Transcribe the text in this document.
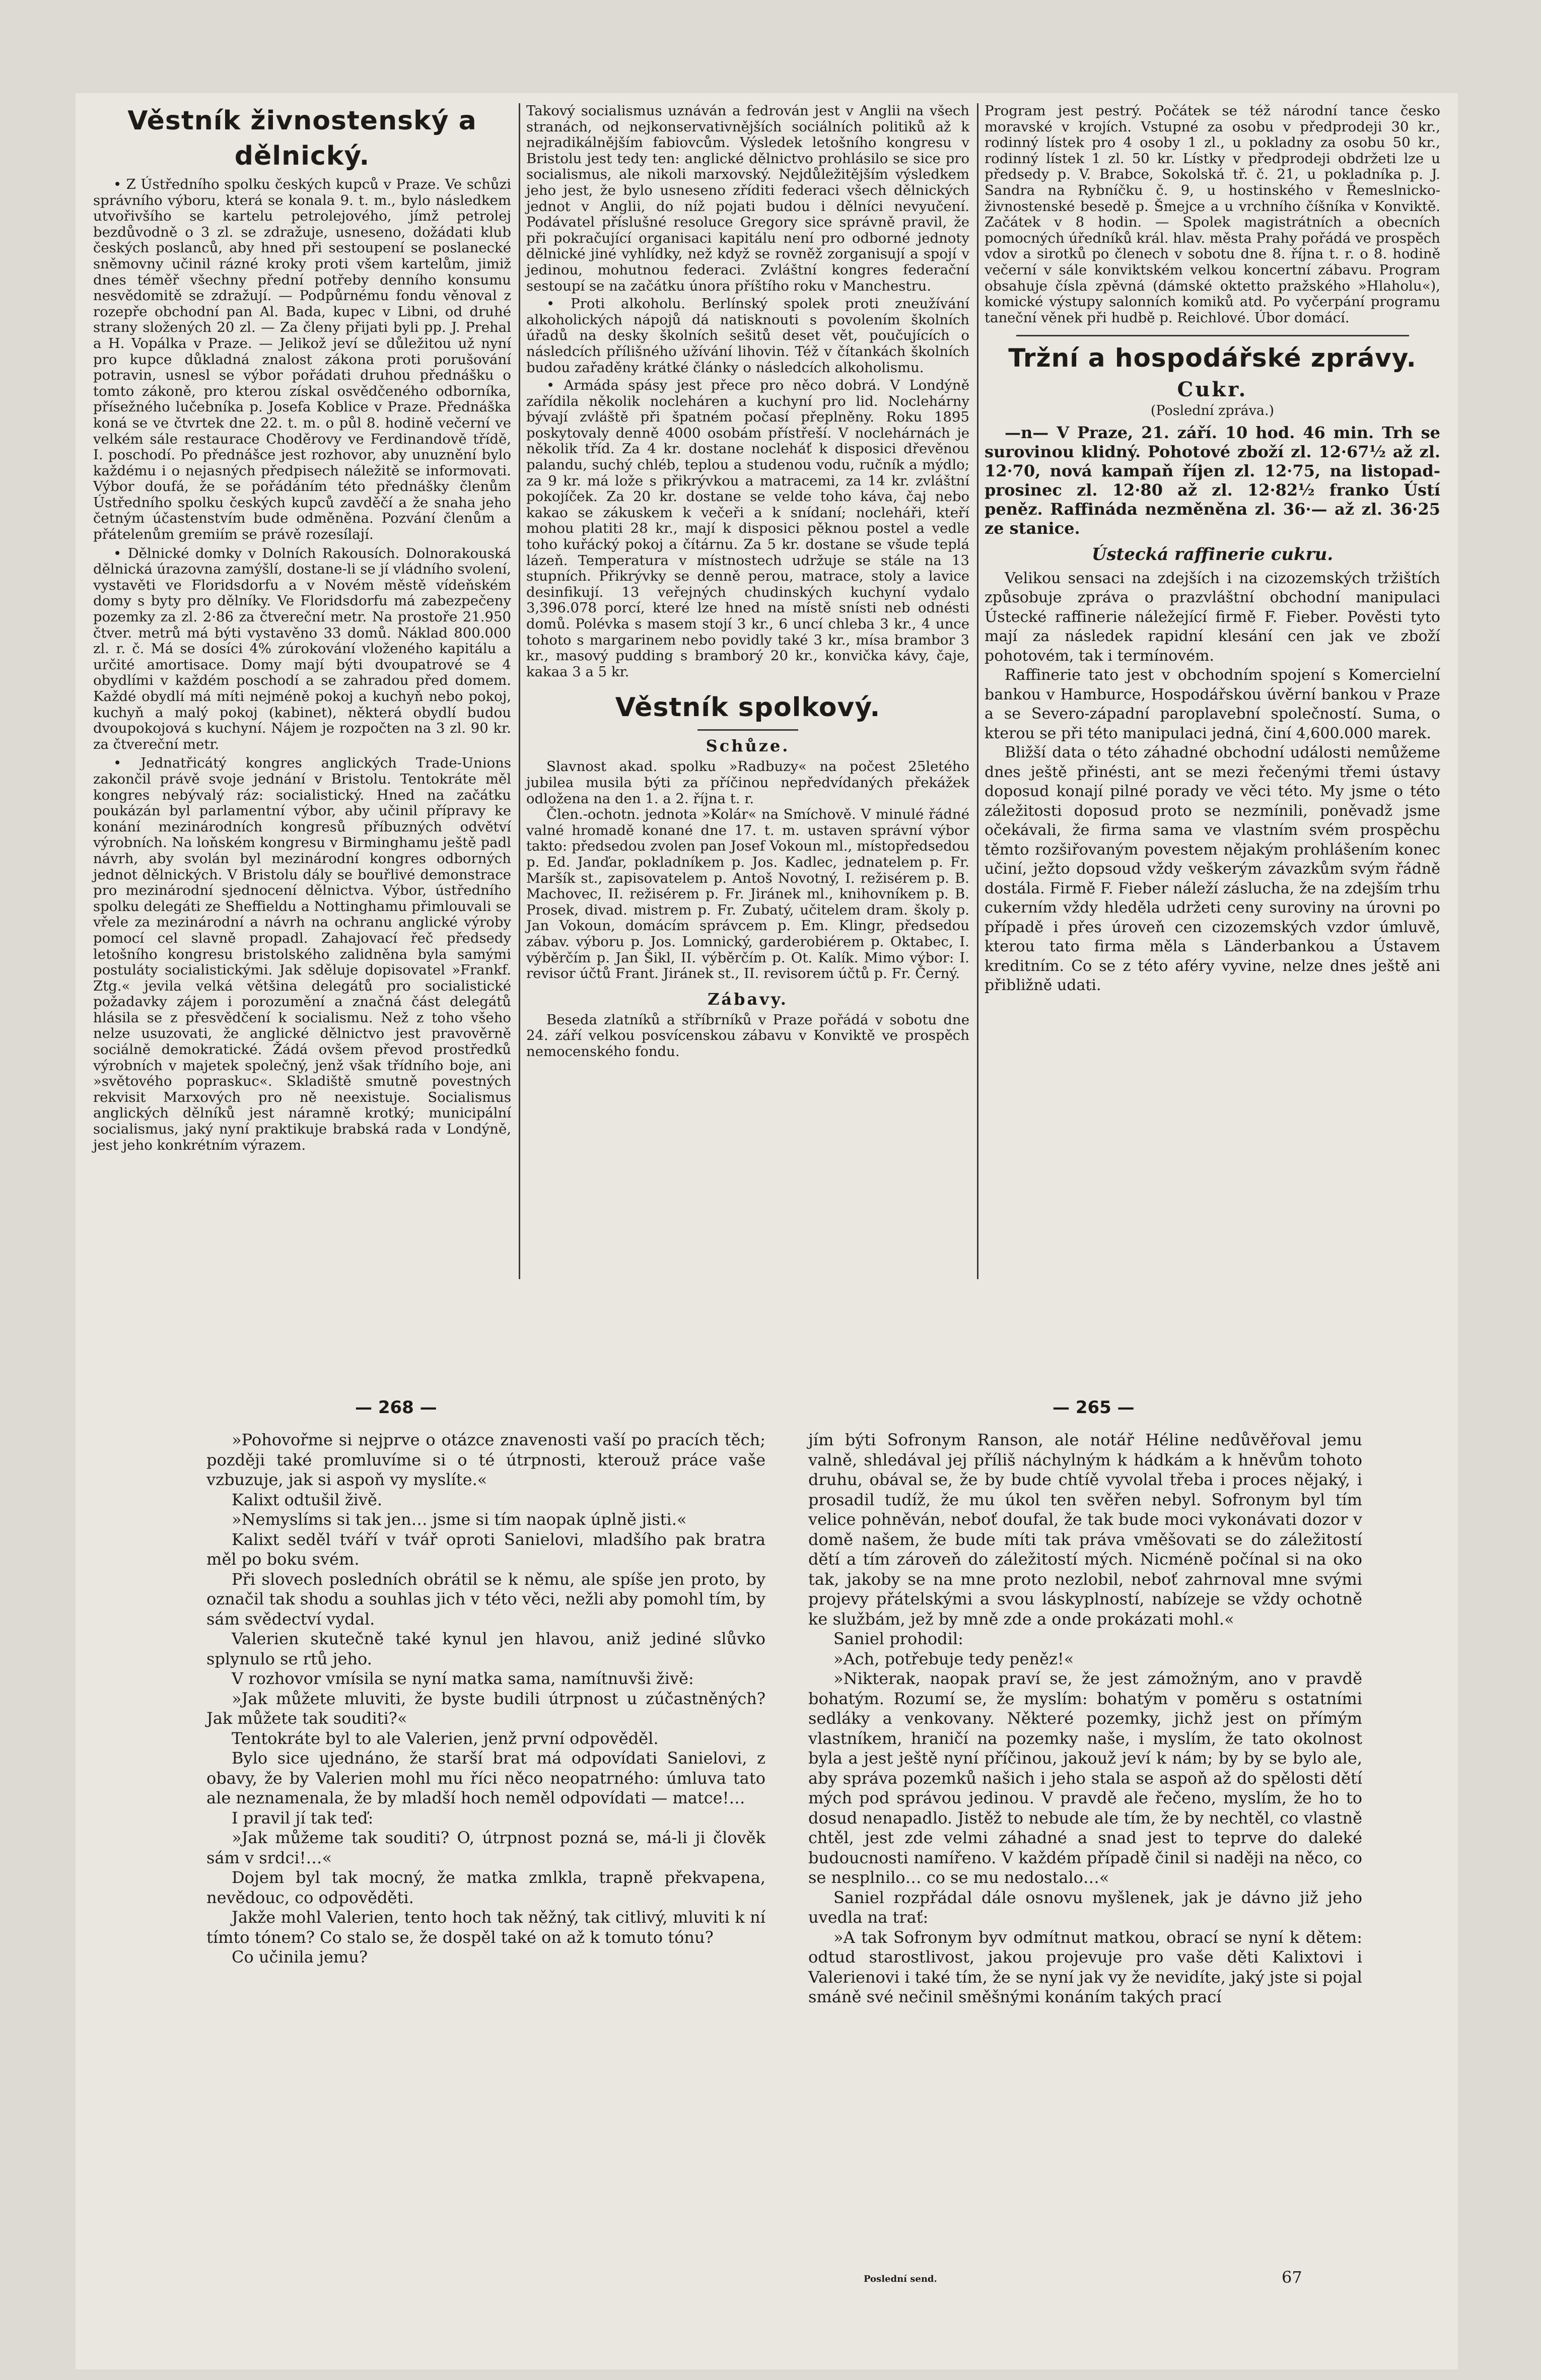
Věstník živnostenský a dělnický.

• Z Ústředního spolku českých kupců v Praze. Ve schůzi správního výboru, která se konala 9. t. m., bylo následkem utvořivšího se kartelu petrolejového, jímž petrolej bezdůvodně o 3 zl. se zdražuje, usneseno, dožádati klub českých poslanců, aby hned při sestoupení se poslanecké sněmovny učinil rázné kroky proti všem kartelům, jimiž dnes téměř všechny přední potřeby denního konsumu nesvědomitě se zdražují. — Podpůrnému fondu věnoval z rozepře obchodní pan Al. Bada, kupec v Libni, od druhé strany složených 20 zl. — Za členy přijati byli pp. J. Prehal a H. Vopálka v Praze. — Jelikož jeví se důležitou už nyní pro kupce důkladná znalost zákona proti porušování potravin, usnesl se výbor pořádati druhou přednášku o tomto zákoně, pro kterou získal osvědčeného odborníka, přísežného lučebníka p. Josefa Koblice v Praze. Přednáška koná se ve čtvrtek dne 22. t. m. o půl 8. hodině večerní ve velkém sále restaurace Choděrovy ve Ferdinandově třídě, I. poschodí. Po přednášce jest rozhovor, aby unuznění bylo každému i o nejasných předpisech náležitě se informovati. Výbor doufá, že se pořádáním této přednášky členům Ústředního spolku českých kupců zavděčí a že snaha jeho četným účastenstvím bude odměněna. Pozvání členům a přátelenům gremiím se právě rozesílají.

• Dělnické domky v Dolních Rakousích. Dolnorakouská dělnická úrazovna zamýšlí, dostane-li se jí vládního svolení, vystavěti ve Floridsdorfu a v Novém městě vídeňském domy s byty pro dělníky. Ve Floridsdorfu má zabezpečeny pozemky za zl. 2·86 za čtvereční metr. Na prostoře 21.950 čtver. metrů má býti vystavěno 33 domů. Náklad 800.000 zl. r. č. Má se dosíci 4% zúrokování vloženého kapitálu a určité amortisace. Domy mají býti dvoupatrové se 4 obydlími v každém poschodí a se zahradou před domem. Každé obydlí má míti nejméně pokoj a kuchyň nebo pokoj, kuchyň a malý pokoj (kabinet), některá obydlí budou dvoupokojová s kuchyní. Nájem je rozpočten na 3 zl. 90 kr. za čtvereční metr.

• Jednatřicátý kongres anglických Trade-Unions zakončil právě svoje jednání v Bristolu. Tentokráte měl kongres nebývalý ráz: socialistický. Hned na začátku poukázán byl parlamentní výbor, aby učinil přípravy ke konání mezinárodních kongresů příbuzných odvětví výrobních. Na loňském kongresu v Birminghamu ještě padl návrh, aby svolán byl mezinárodní kongres odborných jednot dělnických. V Bristolu dály se bouřlivé demonstrace pro mezinárodní sjednocení dělnictva. Výbor, ústředního spolku delegáti ze Sheffieldu a Nottinghamu přimlouvali se vřele za mezinárodní a návrh na ochranu anglické výroby pomocí cel slavně propadl. Zahajovací řeč předsedy letošního kongresu bristolského zalidněna byla samými postuláty socialistickými. Jak sděluje dopisovatel »Frankf. Ztg.« jevila velká většina delegátů pro socialistické požadavky zájem i porozumění a značná část delegátů hlásila se z přesvědčení k socialismu. Než z toho všeho nelze usuzovati, že anglické dělnictvo jest pravověrně sociálně demokratické. Žádá ovšem převod prostředků výrobních v majetek společný, jenž však třídního boje, ani »světového popraskuc«. Skladiště smutně povestných rekvisit Marxových pro ně neexistuje. Socialismus anglických dělníků jest náramně krotký; municipální socialismus, jaký nyní praktikuje brabská rada v Londýně, jest jeho konkrétním výrazem.

Takový socialismus uznáván a fedrován jest v Anglii na všech stranách, od nejkonservativnějších sociálních politiků až k nejradikálnějším fabiovcům. Výsledek letošního kongresu v Bristolu jest tedy ten: anglické dělnictvo prohlásilo se sice pro socialismus, ale nikoli marxovský. Nejdůležitějším výsledkem jeho jest, že bylo usneseno zříditi federaci všech dělnických jednot v Anglii, do níž pojati budou i dělníci nevyučení. Podávatel příslušné resoluce Gregory sice správně pravil, že při pokračující organisaci kapitálu není pro odborné jednoty dělnické jiné vyhlídky, než když se rovněž zorganisují a spojí v jedinou, mohutnou federaci. Zvláštní kongres federační sestoupí se na začátku února příštího roku v Manchestru.

• Proti alkoholu. Berlínský spolek proti zneužívání alkoholických nápojů dá natisknouti s povolením školních úřadů na desky školních sešitů deset vět, poučujících o následcích přílišného užívání lihovin. Též v čítankách školních budou zařaděny krátké články o následcích alkoholismu.

• Armáda spásy jest přece pro něco dobrá. V Londýně zařídila několik nocleháren a kuchyní pro lid. Noclehárny bývají zvláště při špatném počasí přeplněny. Roku 1895 poskytovaly denně 4000 osobám přístřeší. V noclehárnách je několik tříd. Za 4 kr. dostane nocleháť k disposici dřevěnou palandu, suchý chléb, teplou a studenou vodu, ručník a mýdlo; za 9 kr. má lože s přikrývkou a matracemi, za 14 kr. zvláštní pokojíček. Za 20 kr. dostane se velde toho káva, čaj nebo kakao se zákuskem k večeři a k snídaní; nocleháři, kteří mohou platiti 28 kr., mají k disposici pěknou postel a vedle toho kuřácký pokoj a čítárnu. Za 5 kr. dostane se všude teplá lázeň. Temperatura v místnostech udržuje se stále na 13 stupních. Přikrývky se denně perou, matrace, stoly a lavice desinfikují. 13 veřejných chudinských kuchyní vydalo 3,396.078 porcí, které lze hned na místě snísti neb odnésti domů. Polévka s masem stojí 3 kr., 6 uncí chleba 3 kr., 4 unce tohoto s margarinem nebo povidly také 3 kr., mísa brambor 3 kr., masový pudding s bramborý 20 kr., konvička kávy, čaje, kakaa 3 a 5 kr.

Věstník spolkový.
Schůze.

Slavnost akad. spolku »Radbuzy« na počest 25letého jubilea musila býti za příčinou nepředvídaných překážek odložena na den 1. a 2. října t. r.

Člen.-ochotn. jednota »Kolár« na Smíchově. V minulé řádné valné hromadě konané dne 17. t. m. ustaven správní výbor takto: předsedou zvolen pan Josef Vokoun ml., místopředsedou p. Ed. Janďar, pokladníkem p. Jos. Kadlec, jednatelem p. Fr. Maršík st., zapisovatelem p. Antoš Novotný, I. režisérem p. B. Machovec, II. režisérem p. Fr. Jiránek ml., knihovníkem p. B. Prosek, divad. mistrem p. Fr. Zubatý, učitelem dram. školy p. Jan Vokoun, domácím správcem p. Em. Klingr, předsedou zábav. výboru p. Jos. Lomnický, garderobiérem p. Oktabec, I. výběrčím p. Jan Šikl, II. výběrčím p. Ot. Kalík. Mimo výbor: I. revisor účtů Frant. Jiránek st., II. revisorem účtů p. Fr. Černý.

Zábavy.

Beseda zlatníků a stříbrníků v Praze pořádá v sobotu dne 24. září velkou posvícenskou zábavu v Konviktě ve prospěch nemocenského fondu.

Program jest pestrý. Počátek se též národní tance česko moravské v krojích. Vstupné za osobu v předprodeji 30 kr., rodinný lístek pro 4 osoby 1 zl., u pokladny za osobu 50 kr., rodinný lístek 1 zl. 50 kr. Lístky v předprodeji obdržeti lze u předsedy p. V. Brabce, Sokolská tř. č. 21, u pokladníka p. J. Sandra na Rybníčku č. 9, u hostinského v Řemeslnicko-živnostenské besedě p. Šmejce a u vrchního číšníka v Konviktě. Začátek v 8 hodin. — Spolek magistrátních a obecních pomocných úředníků král. hlav. města Prahy pořádá ve prospěch vdov a sirotků po členech v sobotu dne 8. října t. r. o 8. hodině večerní v sále konviktském velkou koncertní zábavu. Program obsahuje čísla zpěvná (dámské oktetto pražského »Hlaholu«), komické výstupy salonních komiků atd. Po vyčerpání programu taneční věnek při hudbě p. Reichlové. Úbor domácí.

Tržní a hospodářské zprávy.
Cukr.
(Poslední zpráva.)

—n— V Praze, 21. září. 10 hod. 46 min. Trh se surovinou klidný. Pohotové zboží zl. 12·67½ až zl. 12·70, nová kampaň říjen zl. 12·75, na listopad-prosinec zl. 12·80 až zl. 12·82½ franko Ústí peněz. Raffináda nezměněna zl. 36·— až zl. 36·25 ze stanice.

Ústecká raffinerie cukru.

Velikou sensaci na zdejších i na cizozemských tržištích způsobuje zpráva o prazvláštní obchodní manipulaci Ústecké raffinerie náležející firmě F. Fieber. Pověsti tyto mají za následek rapidní klesání cen jak ve zboží pohotovém, tak i termínovém.

Raffinerie tato jest v obchodním spojení s Komercielní bankou v Hamburce, Hospodářskou úvěrní bankou v Praze a se Severo-západní paroplavební společností. Suma, o kterou se při této manipulaci jedná, činí 4,600.000 marek.

Bližší data o této záhadné obchodní události nemůžeme dnes ještě přinésti, ant se mezi řečenými třemi ústavy doposud konají pilné porady ve věci této. My jsme o této záležitosti doposud proto se nezmínili, poněvadž jsme očekávali, že firma sama ve vlastním svém prospěchu těmto rozšiřovaným povestem nějakým prohlášením konec učiní, ježto dopsoud vždy veškerým závazkům svým řádně dostála. Firmě F. Fieber náleží záslucha, že na zdejším trhu cukerním vždy hleděla udržeti ceny suroviny na úrovni po případě i přes úroveň cen cizozemských vzdor úmluvě, kterou tato firma měla s Länderbankou a Ústavem kreditním. Co se z této aféry vyvine, nelze dnes ještě ani přibližně udati.

— 268 —	— 265 —

»Pohovořme si nejprve o otázce znavenosti vaší po pracích těch; později také promluvíme si o té útrpnosti, kterouž práce vaše vzbuzuje, jak si aspoň vy myslíte.«

Kalixt odtušil živě.

»Nemyslíms si tak jen… jsme si tím naopak úplně jisti.«

Kalixt seděl tváří v tvář oproti Sanielovi, mladšího pak bratra měl po boku svém.

Při slovech posledních obrátil se k němu, ale spíše jen proto, by označil tak shodu a souhlas jich v této věci, nežli aby pomohl tím, by sám svědectví vydal.

Valerien skutečně také kynul jen hlavou, aniž jediné slůvko splynulo se rtů jeho.

V rozhovor vmísila se nyní matka sama, namítnuvši živě:

»Jak můžete mluviti, že byste budili útrpnost u zúčastněných? Jak můžete tak souditi?«

Tentokráte byl to ale Valerien, jenž první odpověděl.

Bylo sice ujednáno, že starší brat má odpovídati Sanielovi, z obavy, že by Valerien mohl mu říci něco neopatrného: úmluva tato ale neznamenala, že by mladší hoch neměl odpovídati — matce!…

I pravil jí tak teď:

»Jak můžeme tak souditi? O, útrpnost pozná se, má-li ji člověk sám v srdci!…«

Dojem byl tak mocný, že matka zmlkla, trapně překvapena, nevědouc, co odpověděti.

Jakže mohl Valerien, tento hoch tak něžný, tak citlivý, mluviti k ní tímto tónem? Co stalo se, že dospěl také on až k tomuto tónu?

Co učinila jemu?

jím býti Sofronym Ranson, ale notář Héline nedůvěřoval jemu valně, shledával jej příliš náchylným k hádkám a k hněvům tohoto druhu, obával se, že by bude chtíě vyvolal třeba i proces nějaký, i prosadil tudíž, že mu úkol ten svěřen nebyl. Sofronym byl tím velice pohněván, neboť doufal, že tak bude moci vykonávati dozor v domě našem, že bude míti tak práva vměšovati se do záležitostí dětí a tím zároveň do záležitostí mých. Nicméně počínal si na oko tak, jakoby se na mne proto nezlobil, neboť zahrnoval mne svými projevy přátelskými a svou láskyplností, nabízeje se vždy ochotně ke službám, jež by mně zde a onde prokázati mohl.«

Saniel prohodil:

»Ach, potřebuje tedy peněz!«

»Nikterak, naopak praví se, že jest zámožným, ano v pravdě bohatým. Rozumí se, že myslím: bohatým v poměru s ostatními sedláky a venkovany. Některé pozemky, jichž jest on přímým vlastníkem, hraničí na pozemky naše, i myslím, že tato okolnost byla a jest ještě nyní příčinou, jakouž jeví k nám; by by se bylo ale, aby správa pozemků našich i jeho stala se aspoň až do spělosti dětí mých pod správou jedinou. V pravdě ale řečeno, myslím, že ho to dosud nenapadlo. Jistěž to nebude ale tím, že by nechtěl, co vlastně chtěl, jest zde velmi záhadné a snad jest to teprve do daleké budoucnosti namířeno. V každém případě činil si naději na něco, co se nesplnilo… co se mu nedostalo…«

Saniel rozpřádal dále osnovu myšlenek, jak je dávno již jeho uvedla na trať:

»A tak Sofronym byv odmítnut matkou, obrací se nyní k dětem: odtud starostlivost, jakou projevuje pro vaše děti Kalixtovi i Valerienovi i také tím, že se nyní jak vy že nevidíte, jaký jste si pojal smáně své nečinil směšnými konáním takých prací

Poslední send.	67
